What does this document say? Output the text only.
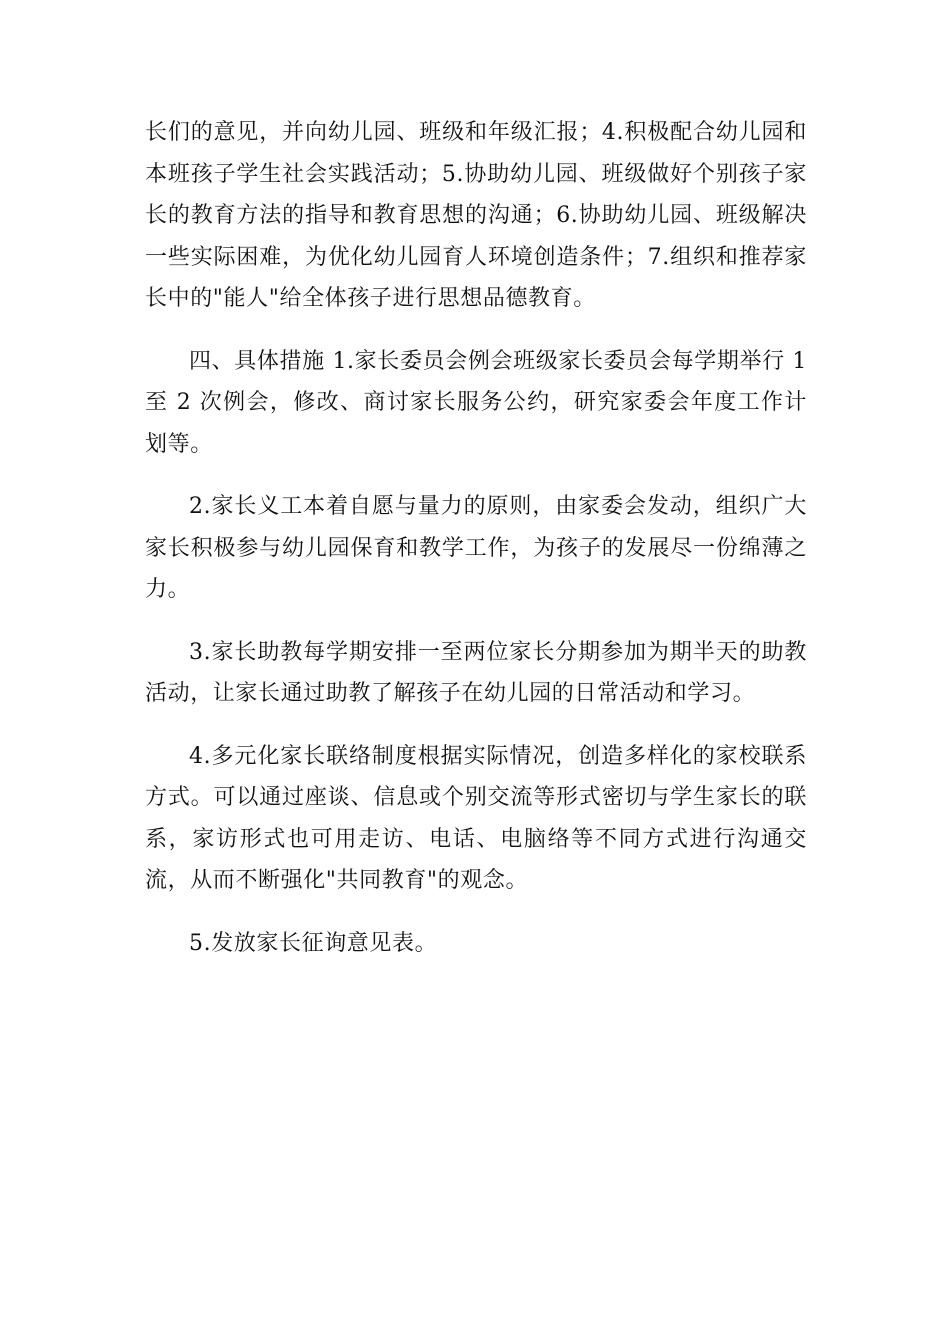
长们的意见，并向幼儿园、班级和年级汇报；4.积极配合幼儿园和本班孩子学生社会实践活动；5.协助幼儿园、班级做好个别孩子家长的教育方法的指导和教育思想的沟通；6.协助幼儿园、班级解决一些实际困难，为优化幼儿园育人环境创造条件；7.组织和推荐家长中的"能人"给全体孩子进行思想品德教育。

四、具体措施 1.家长委员会例会班级家长委员会每学期举行 1 至 2 次例会，修改、商讨家长服务公约，研究家委会年度工作计划等。

2.家长义工本着自愿与量力的原则，由家委会发动，组织广大家长积极参与幼儿园保育和教学工作，为孩子的发展尽一份绵薄之力。

3.家长助教每学期安排一至两位家长分期参加为期半天的助教活动，让家长通过助教了解孩子在幼儿园的日常活动和学习。

4.多元化家长联络制度根据实际情况，创造多样化的家校联系方式。可以通过座谈、信息或个别交流等形式密切与学生家长的联系，家访形式也可用走访、电话、电脑络等不同方式进行沟通交流，从而不断强化"共同教育"的观念。

5.发放家长征询意见表。
